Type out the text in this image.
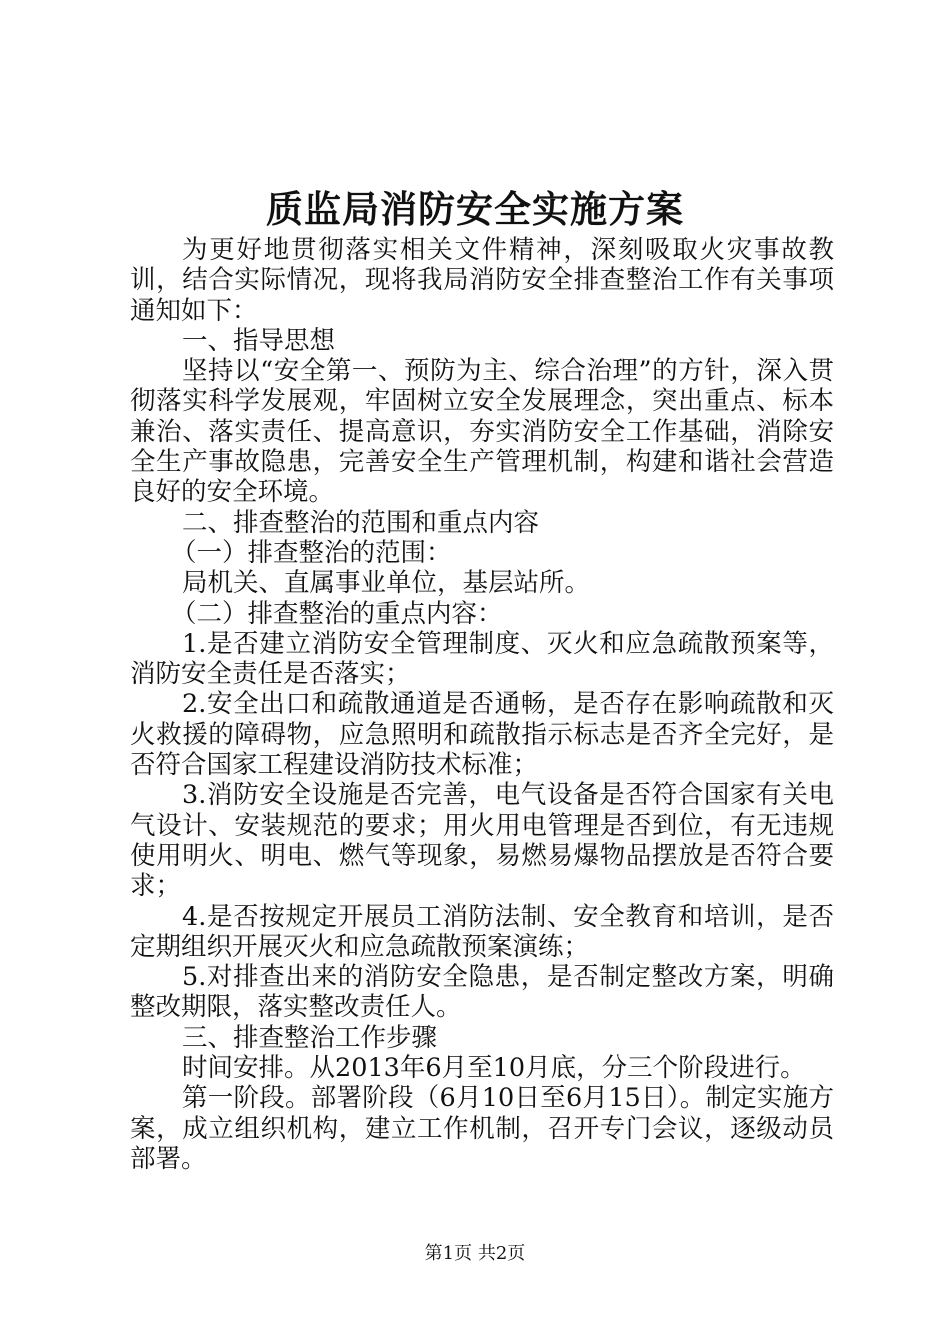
质监局消防安全实施方案

为更好地贯彻落实相关文件精神，深刻吸取火灾事故教训，结合实际情况，现将我局消防安全排查整治工作有关事项通知如下：

一、指导思想

坚持以“安全第一、预防为主、综合治理”的方针，深入贯彻落实科学发展观，牢固树立安全发展理念，突出重点、标本兼治、落实责任、提高意识，夯实消防安全工作基础，消除安全生产事故隐患，完善安全生产管理机制，构建和谐社会营造良好的安全环境。

二、排查整治的范围和重点内容

（一）排查整治的范围：

局机关、直属事业单位，基层站所。

（二）排查整治的重点内容：

1.是否建立消防安全管理制度、灭火和应急疏散预案等，消防安全责任是否落实；

2.安全出口和疏散通道是否通畅，是否存在影响疏散和灭火救援的障碍物，应急照明和疏散指示标志是否齐全完好，是否符合国家工程建设消防技术标准；

3.消防安全设施是否完善，电气设备是否符合国家有关电气设计、安装规范的要求；用火用电管理是否到位，有无违规使用明火、明电、燃气等现象，易燃易爆物品摆放是否符合要求；

4.是否按规定开展员工消防法制、安全教育和培训，是否定期组织开展灭火和应急疏散预案演练；

5.对排查出来的消防安全隐患，是否制定整改方案，明确整改期限，落实整改责任人。

三、排查整治工作步骤

时间安排。从2013年6月至10月底，分三个阶段进行。

第一阶段。部署阶段（6月10日至6月15日）。制定实施方案，成立组织机构，建立工作机制，召开专门会议，逐级动员部署。

第1页 共2页
